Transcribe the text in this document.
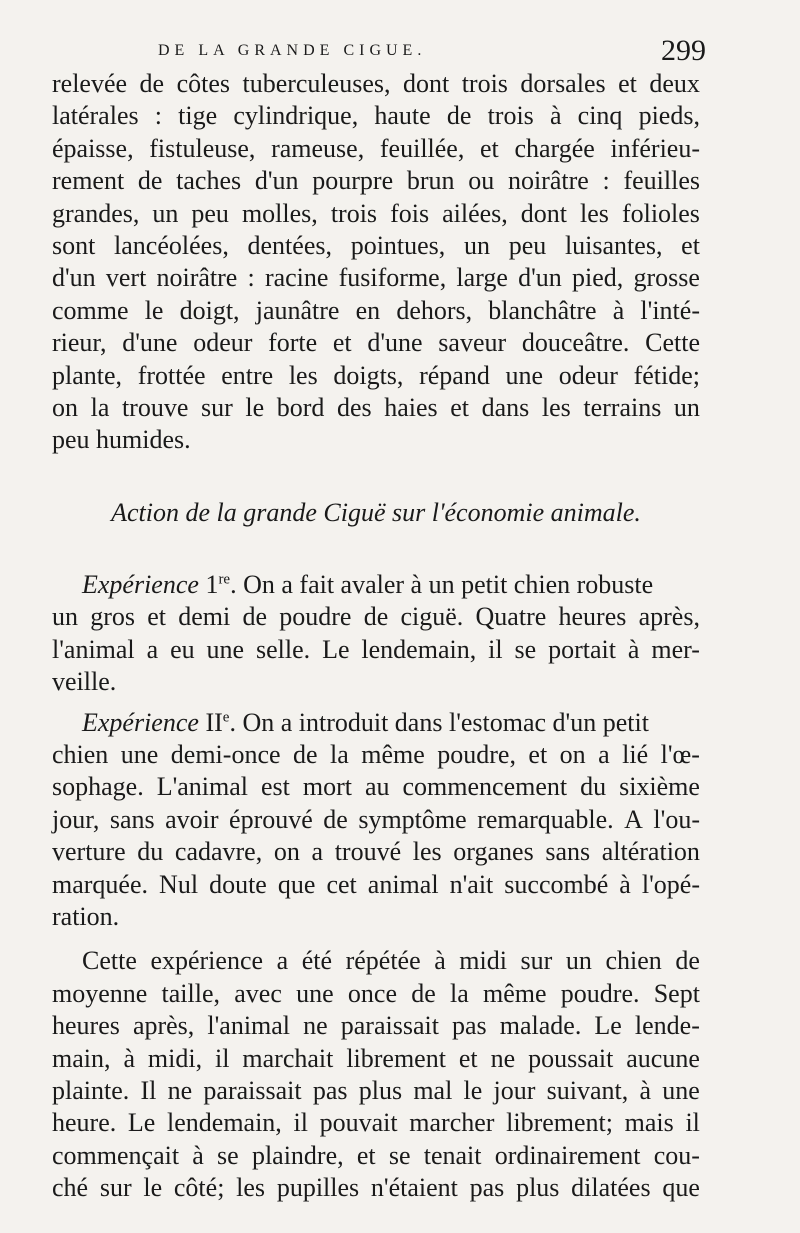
DE LA GRANDE CIGUE.	299
relevée de côtes tuberculeuses, dont trois dorsales et deux
latérales : tige cylindrique, haute de trois à cinq pieds,
épaisse, fistuleuse, rameuse, feuillée, et chargée inférieu-
rement de taches d'un pourpre brun ou noirâtre : feuilles
grandes, un peu molles, trois fois ailées, dont les folioles
sont lancéolées, dentées, pointues, un peu luisantes, et
d'un vert noirâtre : racine fusiforme, large d'un pied, grosse
comme le doigt, jaunâtre en dehors, blanchâtre à l'inté-
rieur, d'une odeur forte et d'une saveur douceâtre. Cette
plante, frottée entre les doigts, répand une odeur fétide;
on la trouve sur le bord des haies et dans les terrains un
peu
humides.
Action de la grande Ciguë sur l'économie animale.
Expérience 1re. On a fait avaler à un petit chien robuste
un gros et demi de poudre de ciguë. Quatre heures après,
l'animal a eu une selle. Le lendemain, il se portait à mer-
veille.
Expérience IIe. On a introduit dans l'estomac d'un petit
chien une demi-once de la même poudre, et on a lié l'œ-
sophage. L'animal est mort au commencement du sixième
jour, sans avoir éprouvé de symptôme remarquable. A l'ou-
verture du cadavre, on a trouvé les organes sans altération
marquée. Nul doute que cet animal n'ait succombé à l'opé-
ration.
Cette expérience a été répétée à midi sur un chien de
moyenne taille, avec une once de la même poudre. Sept
heures après, l'animal ne paraissait pas malade. Le lende-
main, à midi, il marchait librement et ne poussait aucune
plainte. Il ne paraissait pas plus mal le jour suivant, à une
heure. Le lendemain, il pouvait marcher librement; mais il
commençait à se plaindre, et se tenait ordinairement cou-
ché sur le côté; les pupilles n'étaient pas plus dilatées que
